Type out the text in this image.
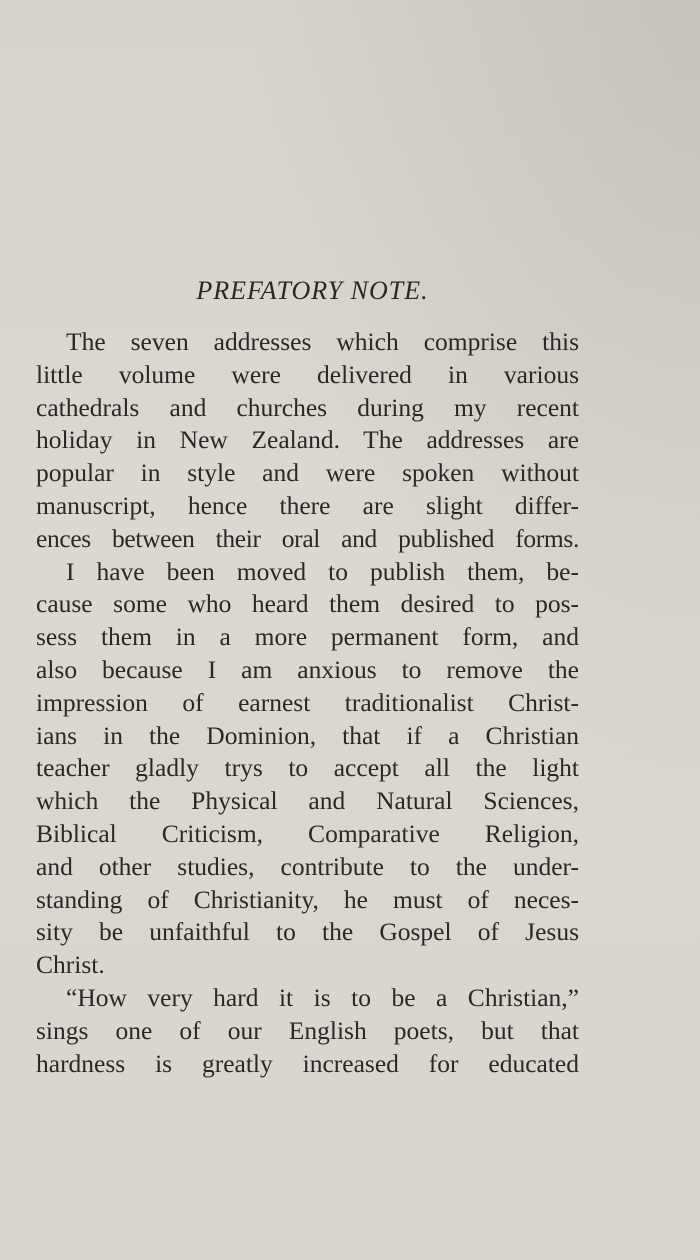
PREFATORY NOTE.
The seven addresses which comprise this
little volume were delivered in various
cathedrals and churches during my recent
holiday in New Zealand. The addresses are
popular in style and were spoken without
manuscript, hence there are slight differ-
ences between their oral and published forms.
I have been moved to publish them, be-
cause some who heard them desired to pos-
sess them in a more permanent form, and
also because I am anxious to remove the
impression of earnest traditionalist Christ-
ians in the Dominion, that if a Christian
teacher gladly trys to accept all the light
which the Physical and Natural Sciences,
Biblical Criticism, Comparative Religion,
and other studies, contribute to the under-
standing of Christianity, he must of neces-
sity be unfaithful to the Gospel of Jesus
Christ.
“How very hard it is to be a Christian,”
sings one of our English poets, but that
hardness is greatly increased for educated
